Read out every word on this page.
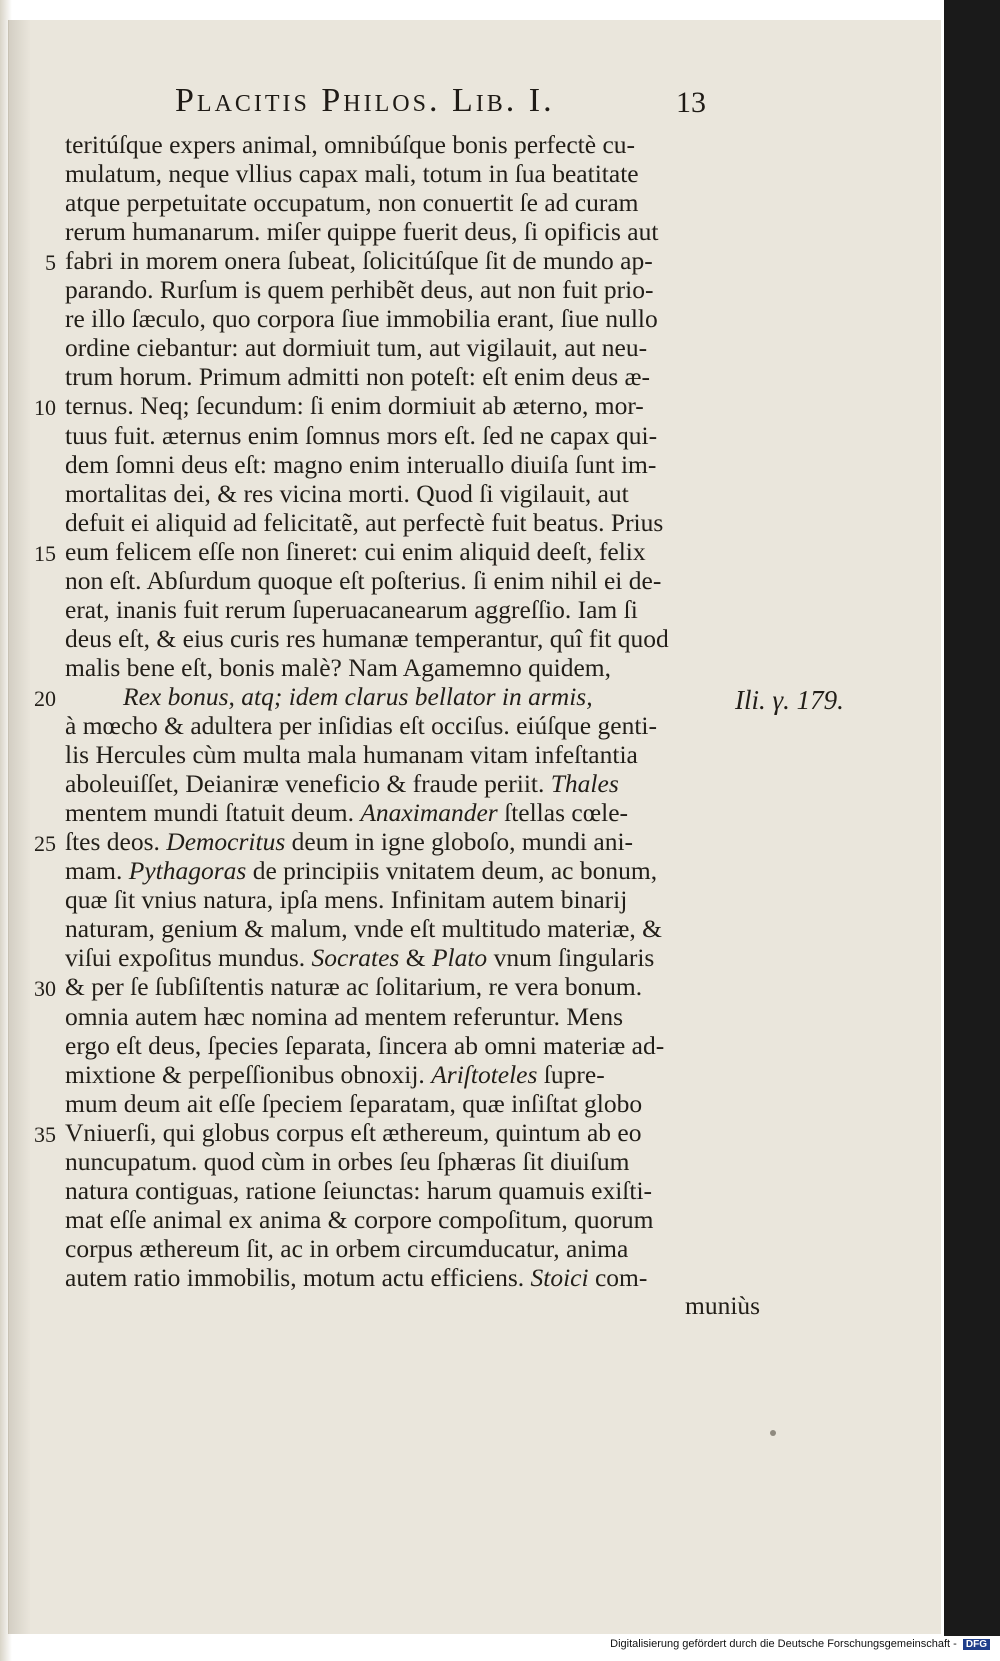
Placitis Philos. Lib. I.	13
teritúſque expers animal, omnibúſque bonis perfectè cu-
mulatum, neque vllius capax mali, totum in ſua beatitate
atque perpetuitate occupatum, non conuertit ſe ad curam
rerum humanarum. miſer quippe fuerit deus, ſi opificis aut
5 fabri in morem onera ſubeat, ſolicitúſque ſit de mundo ap-
parando. Rurſum is quem perhibẽt deus, aut non fuit prio-
re illo ſæculo, quo corpora ſiue immobilia erant, ſiue nullo
ordine ciebantur: aut dormiuit tum, aut vigilauit, aut neu-
trum horum. Primum admitti non poteſt: eſt enim deus æ-
10 ternus. Neq; ſecundum: ſi enim dormiuit ab æterno, mor-
tuus fuit. æternus enim ſomnus mors eſt. ſed ne capax qui-
dem ſomni deus eſt: magno enim interuallo diuiſa ſunt im-
mortalitas dei, & res vicina morti. Quod ſi vigilauit, aut
defuit ei aliquid ad felicitatẽ, aut perfectè fuit beatus. Prius
15 eum felicem eſſe non ſineret: cui enim aliquid deeſt, felix
non eſt. Abſurdum quoque eſt poſterius. ſi enim nihil ei de-
erat, inanis fuit rerum ſuperuacanearum aggreſſio. Iam ſi
deus eſt, & eius curis res humanæ temperantur, quî fit quod
malis bene eſt, bonis malè? Nam Agamemno quidem,
20	Rex bonus, atq; idem clarus bellator in armis,
à mœcho & adultera per inſidias eſt occiſus. eiúſque genti-
lis Hercules cùm multa mala humanam vitam infeſtantia
aboleuiſſet, Deianiræ veneficio & fraude periit. Thales
mentem mundi ſtatuit deum. Anaximander ſtellas cœle-
25 ſtes deos. Democritus deum in igne globoſo, mundi ani-
mam. Pythagoras de principiis vnitatem deum, ac bonum,
quæ ſit vnius natura, ipſa mens. Infinitam autem binarij
naturam, genium & malum, vnde eſt multitudo materiæ, &
viſui expoſitus mundus. Socrates & Plato vnum ſingularis
30 & per ſe ſubſiſtentis naturæ ac ſolitarium, re vera bonum.
omnia autem hæc nomina ad mentem referuntur. Mens
ergo eſt deus, ſpecies ſeparata, ſincera ab omni materiæ ad-
mixtione & perpeſſionibus obnoxij. Ariſtoteles ſupre-
mum deum ait eſſe ſpeciem ſeparatam, quæ inſiſtat globo
35 Vniuerſi, qui globus corpus eſt æthereum, quintum ab eo
nuncupatum. quod cùm in orbes ſeu ſphæras ſit diuiſum
natura contiguas, ratione ſeiunctas: harum quamuis exiſti-
mat eſſe animal ex anima & corpore compoſitum, quorum
corpus æthereum ſit, ac in orbem circumducatur, anima
autem ratio immobilis, motum actu efficiens. Stoici com-
Ili. γ. 179.
muniùs
Digitalisierung gefördert durch die Deutsche Forschungsgemeinschaft - DFG
